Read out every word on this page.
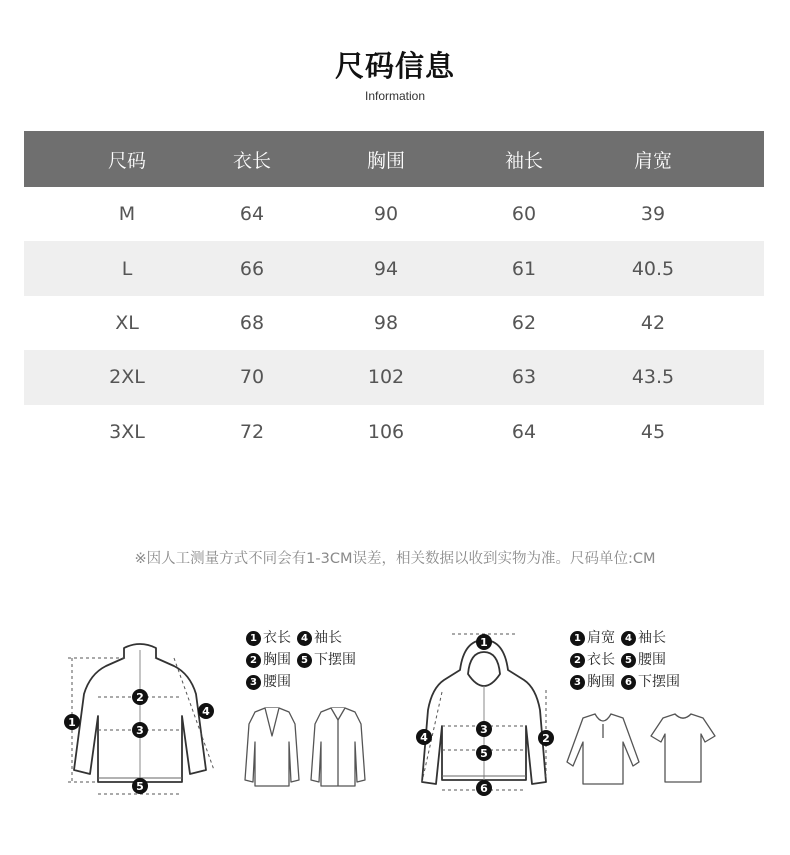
尺码信息
Information
尺码	衣长	胸围	袖长	肩宽
M	64	90	60	39
L	66	94	61	40.5
XL	68	98	62	42
2XL	70	102	63	43.5
3XL	72	106	64	45
※因人工测量方式不同会有1-3CM误差，相关数据以收到实物为准。尺码单位:CM
1
2
3
4
5
1 衣长	4 袖长

2 胸围	5 下摆围

3 腰围
1
2
3
4
5
6
1 肩宽	4 袖长

2 衣长	5 腰围

3 胸围	6 下摆围
